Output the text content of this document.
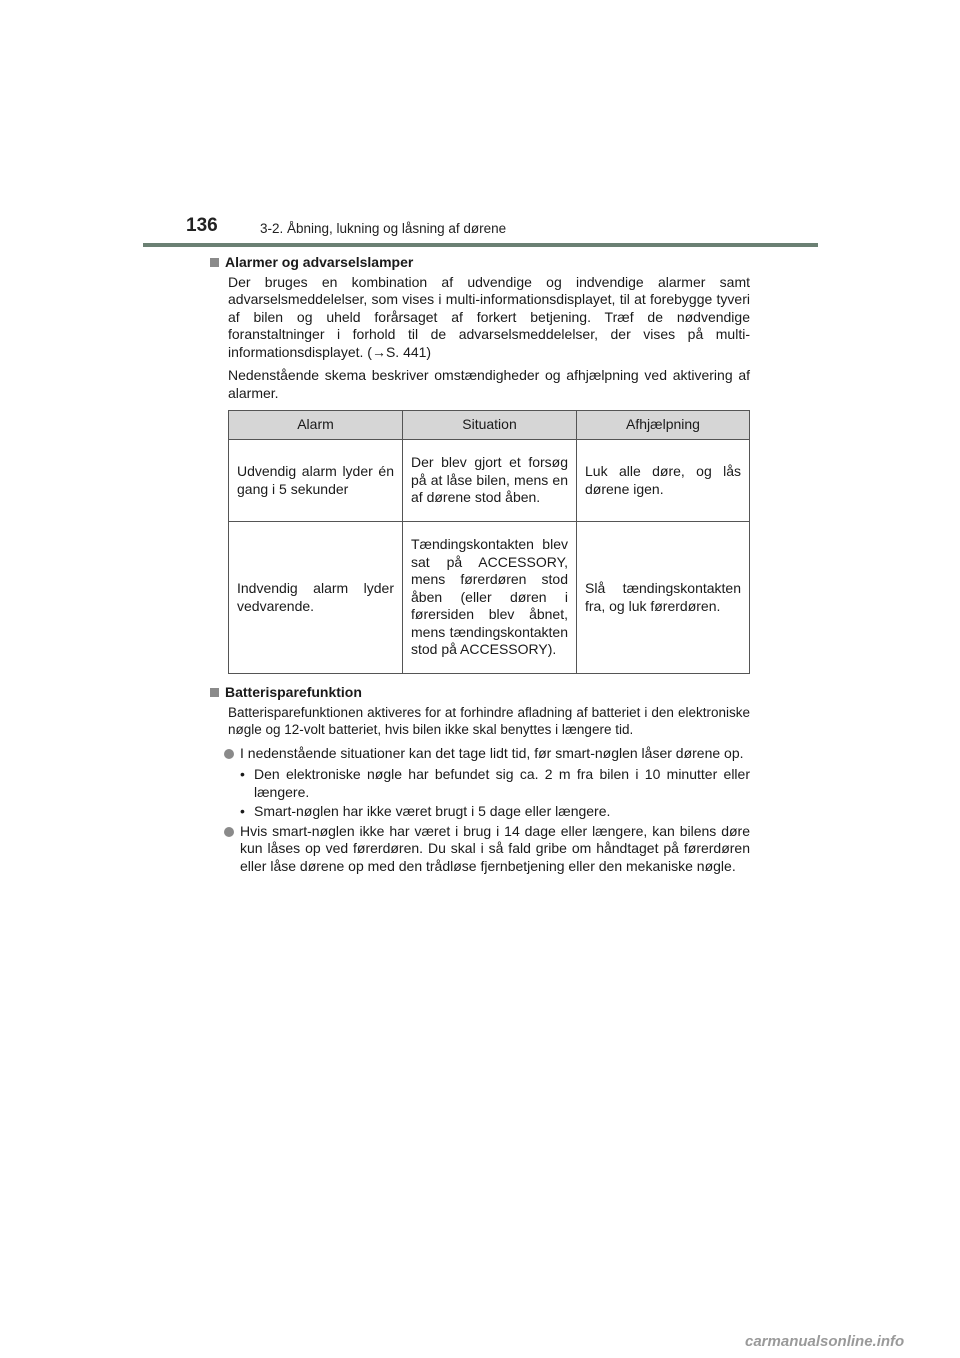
136	3-2. Åbning, lukning og låsning af dørene
Alarmer og advarselslamper

Der bruges en kombination af udvendige og indvendige alarmer samt advarselsmeddelelser, som vises i multi-informationsdisplayet, til at forebygge tyveri af bilen og uheld forårsaget af forkert betjening. Træf de nødvendige foranstaltninger i forhold til de advarselsmeddelelser, der vises på multi-informationsdisplayet. (→S. 441)

Nedenstående skema beskriver omstændigheder og afhjælpning ved aktivering af alarmer.

Alarm	Situation	Afhjælpning
Udvendig alarm lyder én gang i 5 sekunder	Der blev gjort et forsøg på at låse bilen, mens en af dørene stod åben.	Luk alle døre, og lås dørene igen.
Indvendig alarm lyder vedvarende.	Tændingskontakten blev sat på ACCESSORY, mens førerdøren stod åben (eller døren i førersiden blev åbnet, mens tændingskontakten stod på ACCESSORY).	Slå tændingskontakten fra, og luk førerdøren.
Batterisparefunktion

Batterisparefunktionen aktiveres for at forhindre afladning af batteriet i den elektroniske nøgle og 12-volt batteriet, hvis bilen ikke skal benyttes i længere tid.

I nedenstående situationer kan det tage lidt tid, før smart-nøglen låser dørene op.
• Den elektroniske nøgle har befundet sig ca. 2 m fra bilen i 10 minutter eller længere.
• Smart-nøglen har ikke været brugt i 5 dage eller længere.
Hvis smart-nøglen ikke har været i brug i 14 dage eller længere, kan bilens døre kun låses op ved førerdøren. Du skal i så fald gribe om håndtaget på førerdøren eller låse dørene op med den trådløse fjernbetjening eller den mekaniske nøgle.
carmanualsonline.info
